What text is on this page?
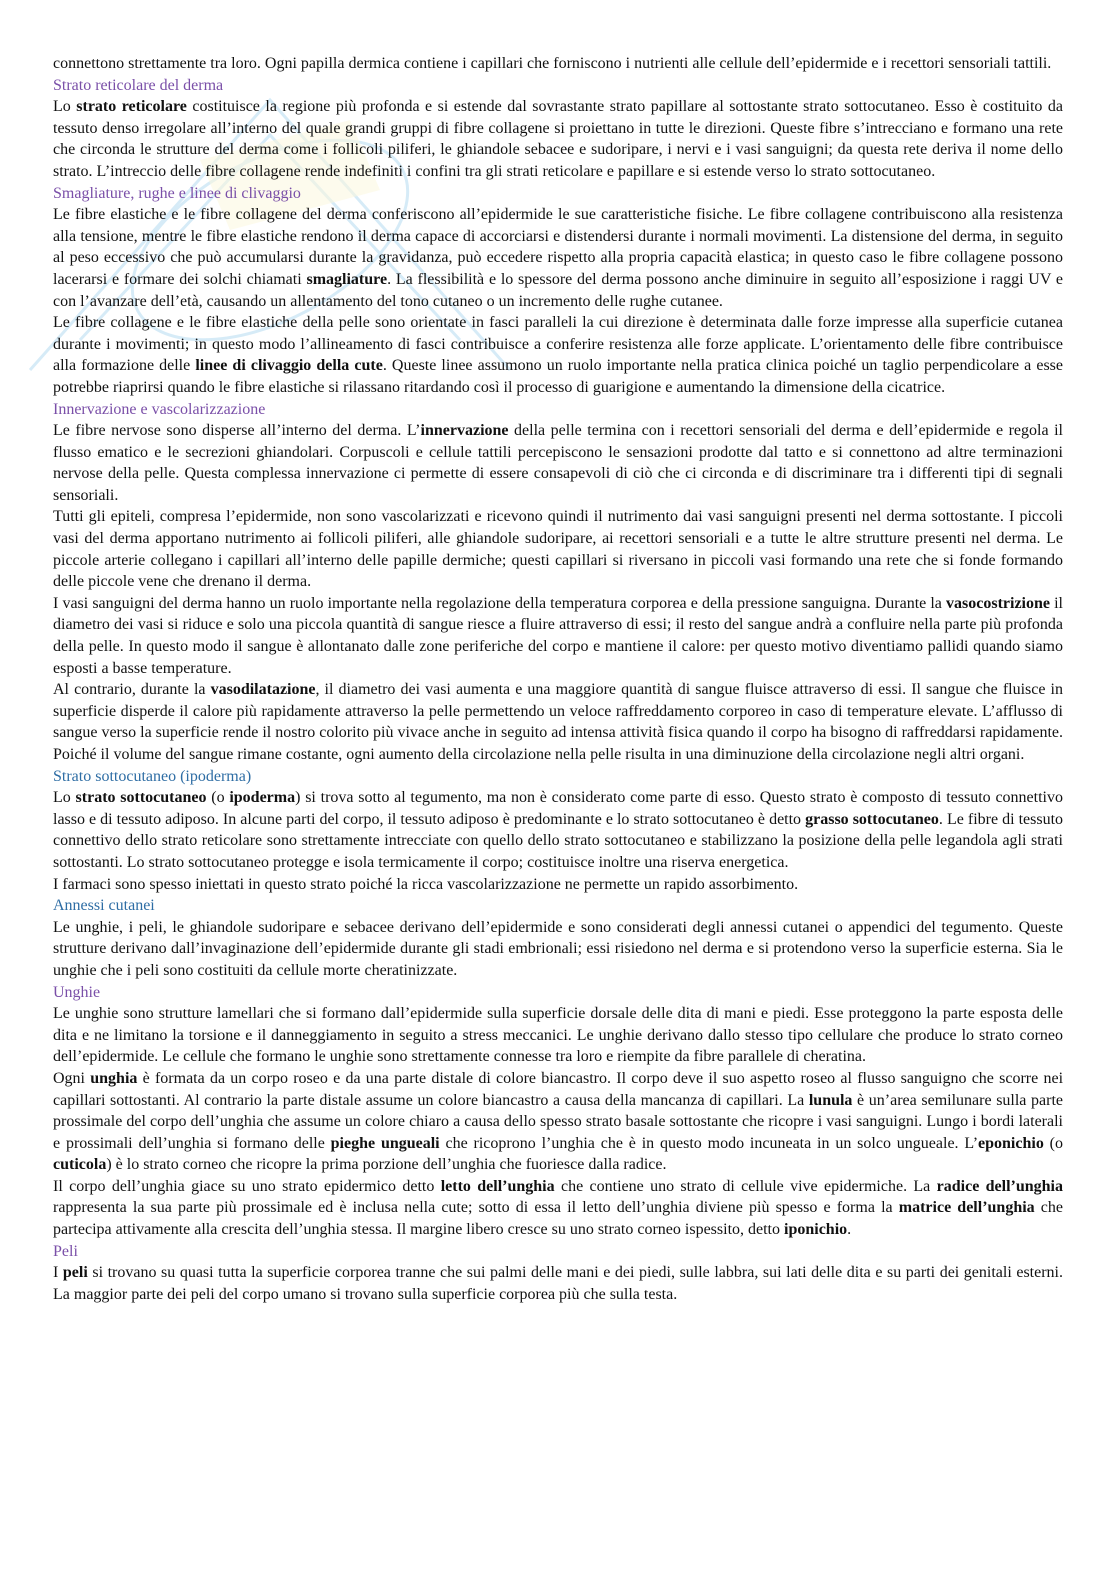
connettono strettamente tra loro. Ogni papilla dermica contiene i capillari che forniscono i nutrienti alle cellule dell’epidermide e i recettori sensoriali tattili.

Strato reticolare del derma

Lo strato reticolare costituisce la regione più profonda e si estende dal sovrastante strato papillare al sottostante strato sottocutaneo. Esso è costituito da tessuto denso irregolare all’interno del quale grandi gruppi di fibre collagene si proiettano in tutte le direzioni. Queste fibre s’intrecciano e formano una rete che circonda le strutture del derma come i follicoli piliferi, le ghiandole sebacee e sudoripare, i nervi e i vasi sanguigni; da questa rete deriva il nome dello strato. L’intreccio delle fibre collagene rende indefiniti i confini tra gli strati reticolare e papillare e si estende verso lo strato sottocutaneo.

Smagliature, rughe e linee di clivaggio

Le fibre elastiche e le fibre collagene del derma conferiscono all’epidermide le sue caratteristiche fisiche. Le fibre collagene contribuiscono alla resistenza alla tensione, mentre le fibre elastiche rendono il derma capace di accorciarsi e distendersi durante i normali movimenti. La distensione del derma, in seguito al peso eccessivo che può accumularsi durante la gravidanza, può eccedere rispetto alla propria capacità elastica; in questo caso le fibre collagene possono lacerarsi e formare dei solchi chiamati smagliature. La flessibilità e lo spessore del derma possono anche diminuire in seguito all’esposizione i raggi UV e con l’avanzare dell’età, causando un allentamento del tono cutaneo o un incremento delle rughe cutanee.

Le fibre collagene e le fibre elastiche della pelle sono orientate in fasci paralleli la cui direzione è determinata dalle forze impresse alla superficie cutanea durante i movimenti; in questo modo l’allineamento di fasci contribuisce a conferire resistenza alle forze applicate. L’orientamento delle fibre contribuisce alla formazione delle linee di clivaggio della cute. Queste linee assumono un ruolo importante nella pratica clinica poiché un taglio perpendicolare a esse potrebbe riaprirsi quando le fibre elastiche si rilassano ritardando così il processo di guarigione e aumentando la dimensione della cicatrice.

Innervazione e vascolarizzazione

Le fibre nervose sono disperse all’interno del derma. L’innervazione della pelle termina con i recettori sensoriali del derma e dell’epidermide e regola il flusso ematico e le secrezioni ghiandolari. Corpuscoli e cellule tattili percepiscono le sensazioni prodotte dal tatto e si connettono ad altre terminazioni nervose della pelle. Questa complessa innervazione ci permette di essere consapevoli di ciò che ci circonda e di discriminare tra i differenti tipi di segnali sensoriali.

Tutti gli epiteli, compresa l’epidermide, non sono vascolarizzati e ricevono quindi il nutrimento dai vasi sanguigni presenti nel derma sottostante. I piccoli vasi del derma apportano nutrimento ai follicoli piliferi, alle ghiandole sudoripare, ai recettori sensoriali e a tutte le altre strutture presenti nel derma. Le piccole arterie collegano i capillari all’interno delle papille dermiche; questi capillari si riversano in piccoli vasi formando una rete che si fonde formando delle piccole vene che drenano il derma.

I vasi sanguigni del derma hanno un ruolo importante nella regolazione della temperatura corporea e della pressione sanguigna. Durante la vasocostrizione il diametro dei vasi si riduce e solo una piccola quantità di sangue riesce a fluire attraverso di essi; il resto del sangue andrà a confluire nella parte più profonda della pelle. In questo modo il sangue è allontanato dalle zone periferiche del corpo e mantiene il calore: per questo motivo diventiamo pallidi quando siamo esposti a basse temperature.

Al contrario, durante la vasodilatazione, il diametro dei vasi aumenta e una maggiore quantità di sangue fluisce attraverso di essi. Il sangue che fluisce in superficie disperde il calore più rapidamente attraverso la pelle permettendo un veloce raffreddamento corporeo in caso di temperature elevate. L’afflusso di sangue verso la superficie rende il nostro colorito più vivace anche in seguito ad intensa attività fisica quando il corpo ha bisogno di raffreddarsi rapidamente. Poiché il volume del sangue rimane costante, ogni aumento della circolazione nella pelle risulta in una diminuzione della circolazione negli altri organi.

Strato sottocutaneo (ipoderma)

Lo strato sottocutaneo (o ipoderma) si trova sotto al tegumento, ma non è considerato come parte di esso. Questo strato è composto di tessuto connettivo lasso e di tessuto adiposo. In alcune parti del corpo, il tessuto adiposo è predominante e lo strato sottocutaneo è detto grasso sottocutaneo. Le fibre di tessuto connettivo dello strato reticolare sono strettamente intrecciate con quello dello strato sottocutaneo e stabilizzano la posizione della pelle legandola agli strati sottostanti. Lo strato sottocutaneo protegge e isola termicamente il corpo; costituisce inoltre una riserva energetica.

I farmaci sono spesso iniettati in questo strato poiché la ricca vascolarizzazione ne permette un rapido assorbimento.

Annessi cutanei

Le unghie, i peli, le ghiandole sudoripare e sebacee derivano dell’epidermide e sono considerati degli annessi cutanei o appendici del tegumento. Queste strutture derivano dall’invaginazione dell’epidermide durante gli stadi embrionali; essi risiedono nel derma e si protendono verso la superficie esterna. Sia le unghie che i peli sono costituiti da cellule morte cheratinizzate.

Unghie

Le unghie sono strutture lamellari che si formano dall’epidermide sulla superficie dorsale delle dita di mani e piedi. Esse proteggono la parte esposta delle dita e ne limitano la torsione e il danneggiamento in seguito a stress meccanici. Le unghie derivano dallo stesso tipo cellulare che produce lo strato corneo dell’epidermide. Le cellule che formano le unghie sono strettamente connesse tra loro e riempite da fibre parallele di cheratina.

Ogni unghia è formata da un corpo roseo e da una parte distale di colore biancastro. Il corpo deve il suo aspetto roseo al flusso sanguigno che scorre nei capillari sottostanti. Al contrario la parte distale assume un colore biancastro a causa della mancanza di capillari. La lunula è un’area semilunare sulla parte prossimale del corpo dell’unghia che assume un colore chiaro a causa dello spesso strato basale sottostante che ricopre i vasi sanguigni. Lungo i bordi laterali e prossimali dell’unghia si formano delle pieghe ungueali che ricoprono l’unghia che è in questo modo incuneata in un solco ungueale. L’eponichio (o cuticola) è lo strato corneo che ricopre la prima porzione dell’unghia che fuoriesce dalla radice.

Il corpo dell’unghia giace su uno strato epidermico detto letto dell’unghia che contiene uno strato di cellule vive epidermiche. La radice dell’unghia rappresenta la sua parte più prossimale ed è inclusa nella cute; sotto di essa il letto dell’unghia diviene più spesso e forma la matrice dell’unghia che partecipa attivamente alla crescita dell’unghia stessa. Il margine libero cresce su uno strato corneo ispessito, detto iponichio.

Peli

I peli si trovano su quasi tutta la superficie corporea tranne che sui palmi delle mani e dei piedi, sulle labbra, sui lati delle dita e su parti dei genitali esterni. La maggior parte dei peli del corpo umano si trovano sulla superficie corporea più che sulla testa.
